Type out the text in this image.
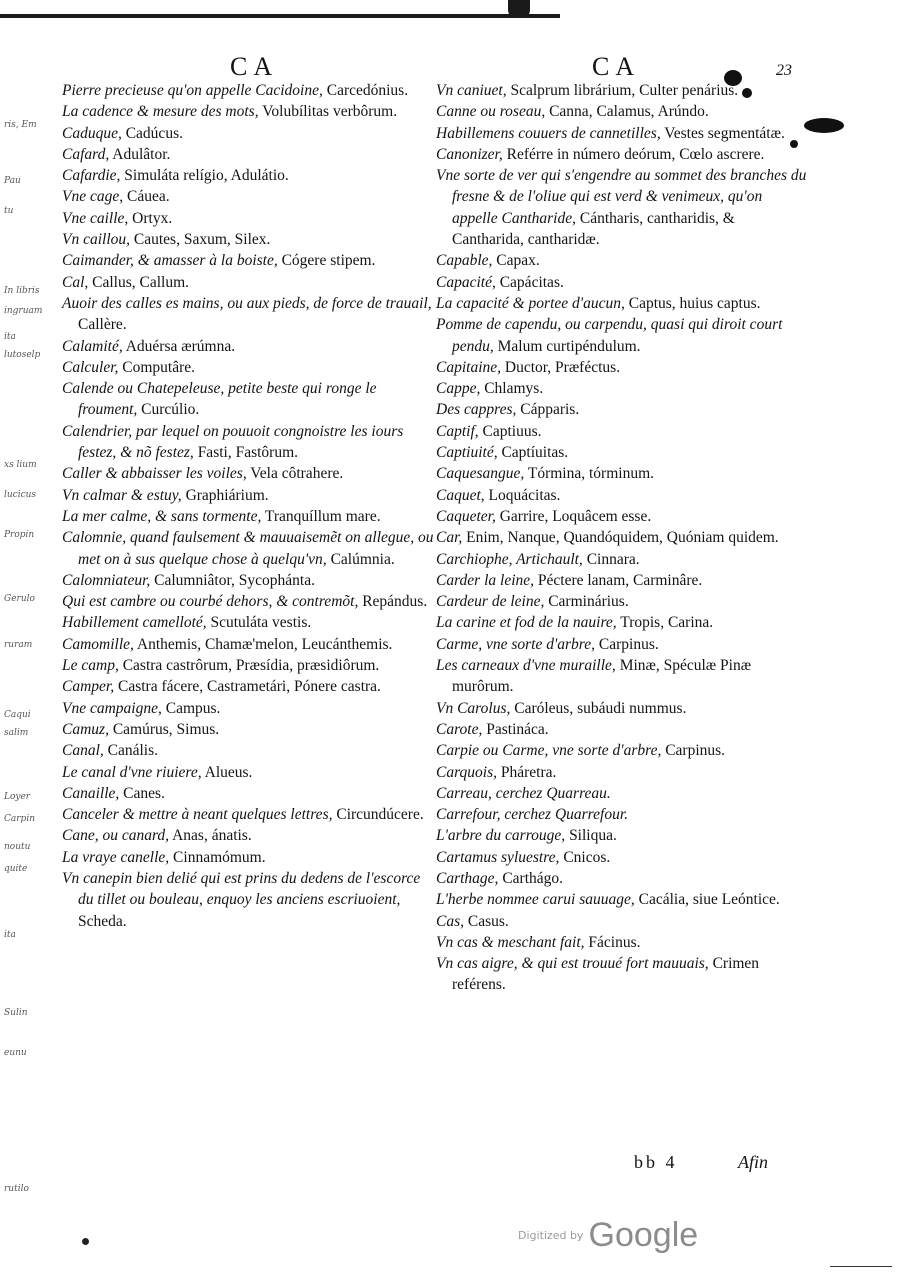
CA	CA	23
ris, Em
Pau
tu
In libris
ingruam
ita
lutoselp
xs lium
lucicus
Propin
Gerulo
ruram
Caqui
salim
Loyer
Carpin
noutu
quite
ita
Sulin
eunu
rutilo

Pierre precieuse qu'on appelle Cacidoine, Carcedónius.

La cadence & mesure des mots, Volubílitas verbôrum.

Caduque, Cadúcus.

Cafard, Adulâtor.

Cafardie, Simuláta relígio, Adulátio.

Vne cage, Cáuea.

Vne caille, Ortyx.

Vn caillou, Cautes, Saxum, Silex.

Caimander, & amasser à la boiste, Cógere stipem.

Cal, Callus, Callum.

Auoir des calles es mains, ou aux pieds, de force de trauail, Callère.

Calamité, Aduérsa ærúmna.

Calculer, Computâre.

Calende ou Chatepeleuse, petite beste qui ronge le froument, Curcúlio.

Calendrier, par lequel on pouuoit congnoistre les iours festez, & nõ festez, Fasti, Fastôrum.

Caller & abbaisser les voiles, Vela côtrahere.

Vn calmar & estuy, Graphiárium.

La mer calme, & sans tormente, Tranquíllum mare.

Calomnie, quand faulsement & mauuaisemẽt on allegue, ou met on à sus quelque chose à quelqu'vn, Calúmnia.

Calomniateur, Calumniâtor, Sycophánta.

Qui est cambre ou courbé dehors, & contremõt, Repándus.

Habillement camelloté, Scutuláta vestis.

Camomille, Anthemis, Chamæ'melon, Leucánthemis.

Le camp, Castra castrôrum, Præsídia, præsidiôrum.

Camper, Castra fácere, Castrametári, Pónere castra.

Vne campaigne, Campus.

Camuz, Camúrus, Simus.

Canal, Canális.

Le canal d'vne riuiere, Alueus.

Canaille, Canes.

Canceler & mettre à neant quelques lettres, Circundúcere.

Cane, ou canard, Anas, ánatis.

La vraye canelle, Cinnamómum.

Vn canepin bien delié qui est prins du dedens de l'escorce du tillet ou bouleau, enquoy les anciens escriuoient, Scheda.

Vn caniuet, Scalprum librárium, Culter penárius.

Canne ou roseau, Canna, Calamus, Arúndo.

Habillemens couuers de cannetilles, Vestes segmentátæ.

Canonizer, Reférre in número deórum, Cœlo ascrere.

Vne sorte de ver qui s'engendre au sommet des branches du fresne & de l'oliue qui est verd & venimeux, qu'on appelle Cantharide, Cántharis, cantharidis, & Cantharida, cantharidæ.

Capable, Capax.

Capacité, Capácitas.

La capacité & portee d'aucun, Captus, huius captus.

Pomme de capendu, ou carpendu, quasi qui diroit court pendu, Malum curtipéndulum.

Capitaine, Ductor, Præféctus.

Cappe, Chlamys.

Des cappres, Cápparis.

Captif, Captiuus.

Captiuité, Captíuitas.

Caquesangue, Tórmina, tórminum.

Caquet, Loquácitas.

Caqueter, Garrire, Loquâcem esse.

Car, Enim, Nanque, Quandóquidem, Quóniam quidem.

Carchiophe, Artichault, Cinnara.

Carder la leine, Péctere lanam, Carminâre.

Cardeur de leine, Carminárius.

La carine et fod de la nauire, Tropis, Carina.

Carme, vne sorte d'arbre, Carpinus.

Les carneaux d'vne muraille, Minæ, Spéculæ Pinæ murôrum.

Vn Carolus, Caróleus, subáudi nummus.

Carote, Pastináca.

Carpie ou Carme, vne sorte d'arbre, Carpinus.

Carquois, Pháretra.

Carreau, cerchez Quarreau.

Carrefour, cerchez Quarrefour.

L'arbre du carrouge, Siliqua.

Cartamus syluestre, Cnicos.

Carthage, Carthágo.

L'herbe nommee carui sauuage, Cacália, siue Leóntice.

Cas, Casus.

Vn cas & meschant fait, Fácinus.

Vn cas aigre, & qui est trouué fort mauuais, Crimen reférens.

bb 4	Afin
Digitized by Google
